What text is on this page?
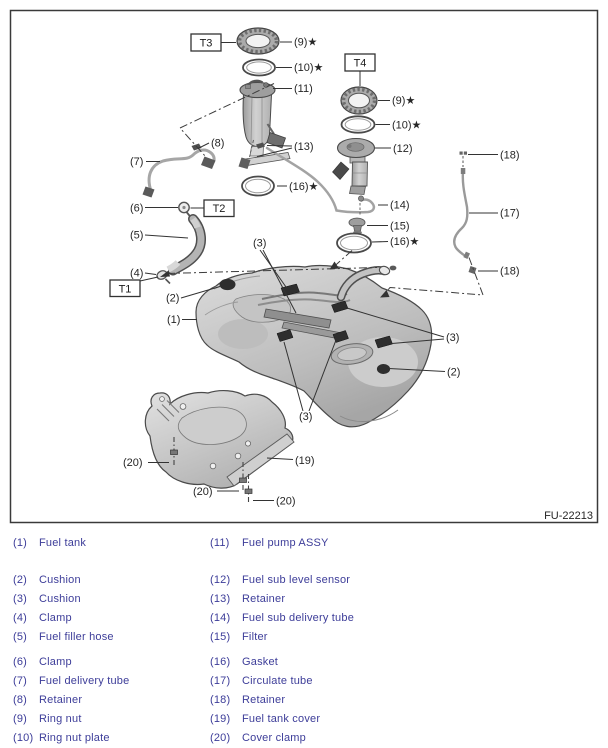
T3
T4
T2
T1
(9)★
(10)★
(11)
(9)★
(10)★
(12)
(8)	(13)
(7)
(18)
(16)★
(6)	(14)
(17)
(15)
(16)★
(5)
(3)
(4)	(18)
(2)
(1)
(3)
(2)
(3)
(20)	(19)
(20)
(20)
FU-22213
(1)	Fuel tank	(11)	Fuel pump ASSY
(2)	Cushion	(12)	Fuel sub level sensor
(3)	Cushion	(13)	Retainer
(4)	Clamp	(14)	Fuel sub delivery tube
(5)	Fuel filler hose	(15)	Filter
(6)	Clamp	(16)	Gasket
(7)	Fuel delivery tube	(17)	Circulate tube
(8)	Retainer	(18)	Retainer
(9)	Ring nut	(19)	Fuel tank cover
(10) Ring nut plate	(20)	Cover clamp
